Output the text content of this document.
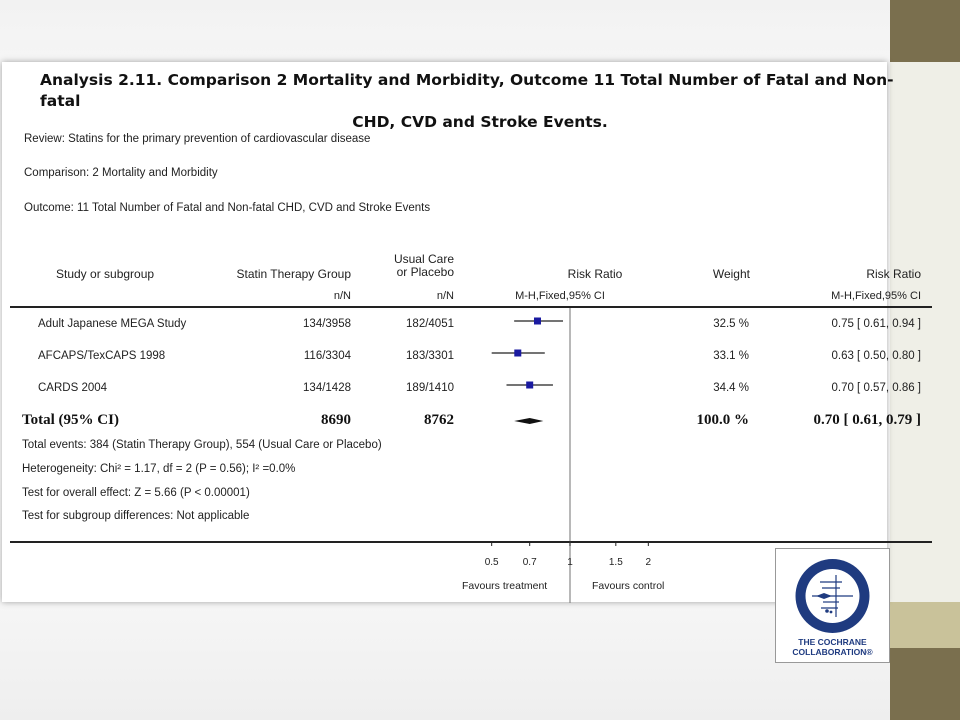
Analysis 2.11. Comparison 2 Mortality and Morbidity, Outcome 11 Total Number of Fatal and Non-fatal
CHD, CVD and Stroke Events.
Review: Statins for the primary prevention of cardiovascular disease
Comparison: 2 Mortality and Morbidity
Outcome: 11 Total Number of Fatal and Non-fatal CHD, CVD and Stroke Events
Study or subgroup	Statin Therapy Group
Usual Care
or Placebo	Risk Ratio	Weight	Risk Ratio
n/N	n/N	M-H,Fixed,95% CI	M-H,Fixed,95% CI
Adult Japanese MEGA Study	134/3958	182/4051	32.5 %	0.75 [ 0.61, 0.94 ]
AFCAPS/TexCAPS 1998	116/3304	183/3301	33.1 %	0.63 [ 0.50, 0.80 ]
CARDS 2004	134/1428	189/1410	34.4 %	0.70 [ 0.57, 0.86 ]
Total (95% CI)	8690	8762	100.0 %	0.70 [ 0.61, 0.79 ]
Total events: 384 (Statin Therapy Group), 554 (Usual Care or Placebo)
Heterogeneity: Chi² = 1.17, df = 2 (P = 0.56); I² =0.0%
Test for overall effect: Z = 5.66 (P < 0.00001)
Test for subgroup differences: Not applicable
0.5	0.7	1	1.5	2
Favours treatment	Favours control
THE COCHRANE
COLLABORATION®
